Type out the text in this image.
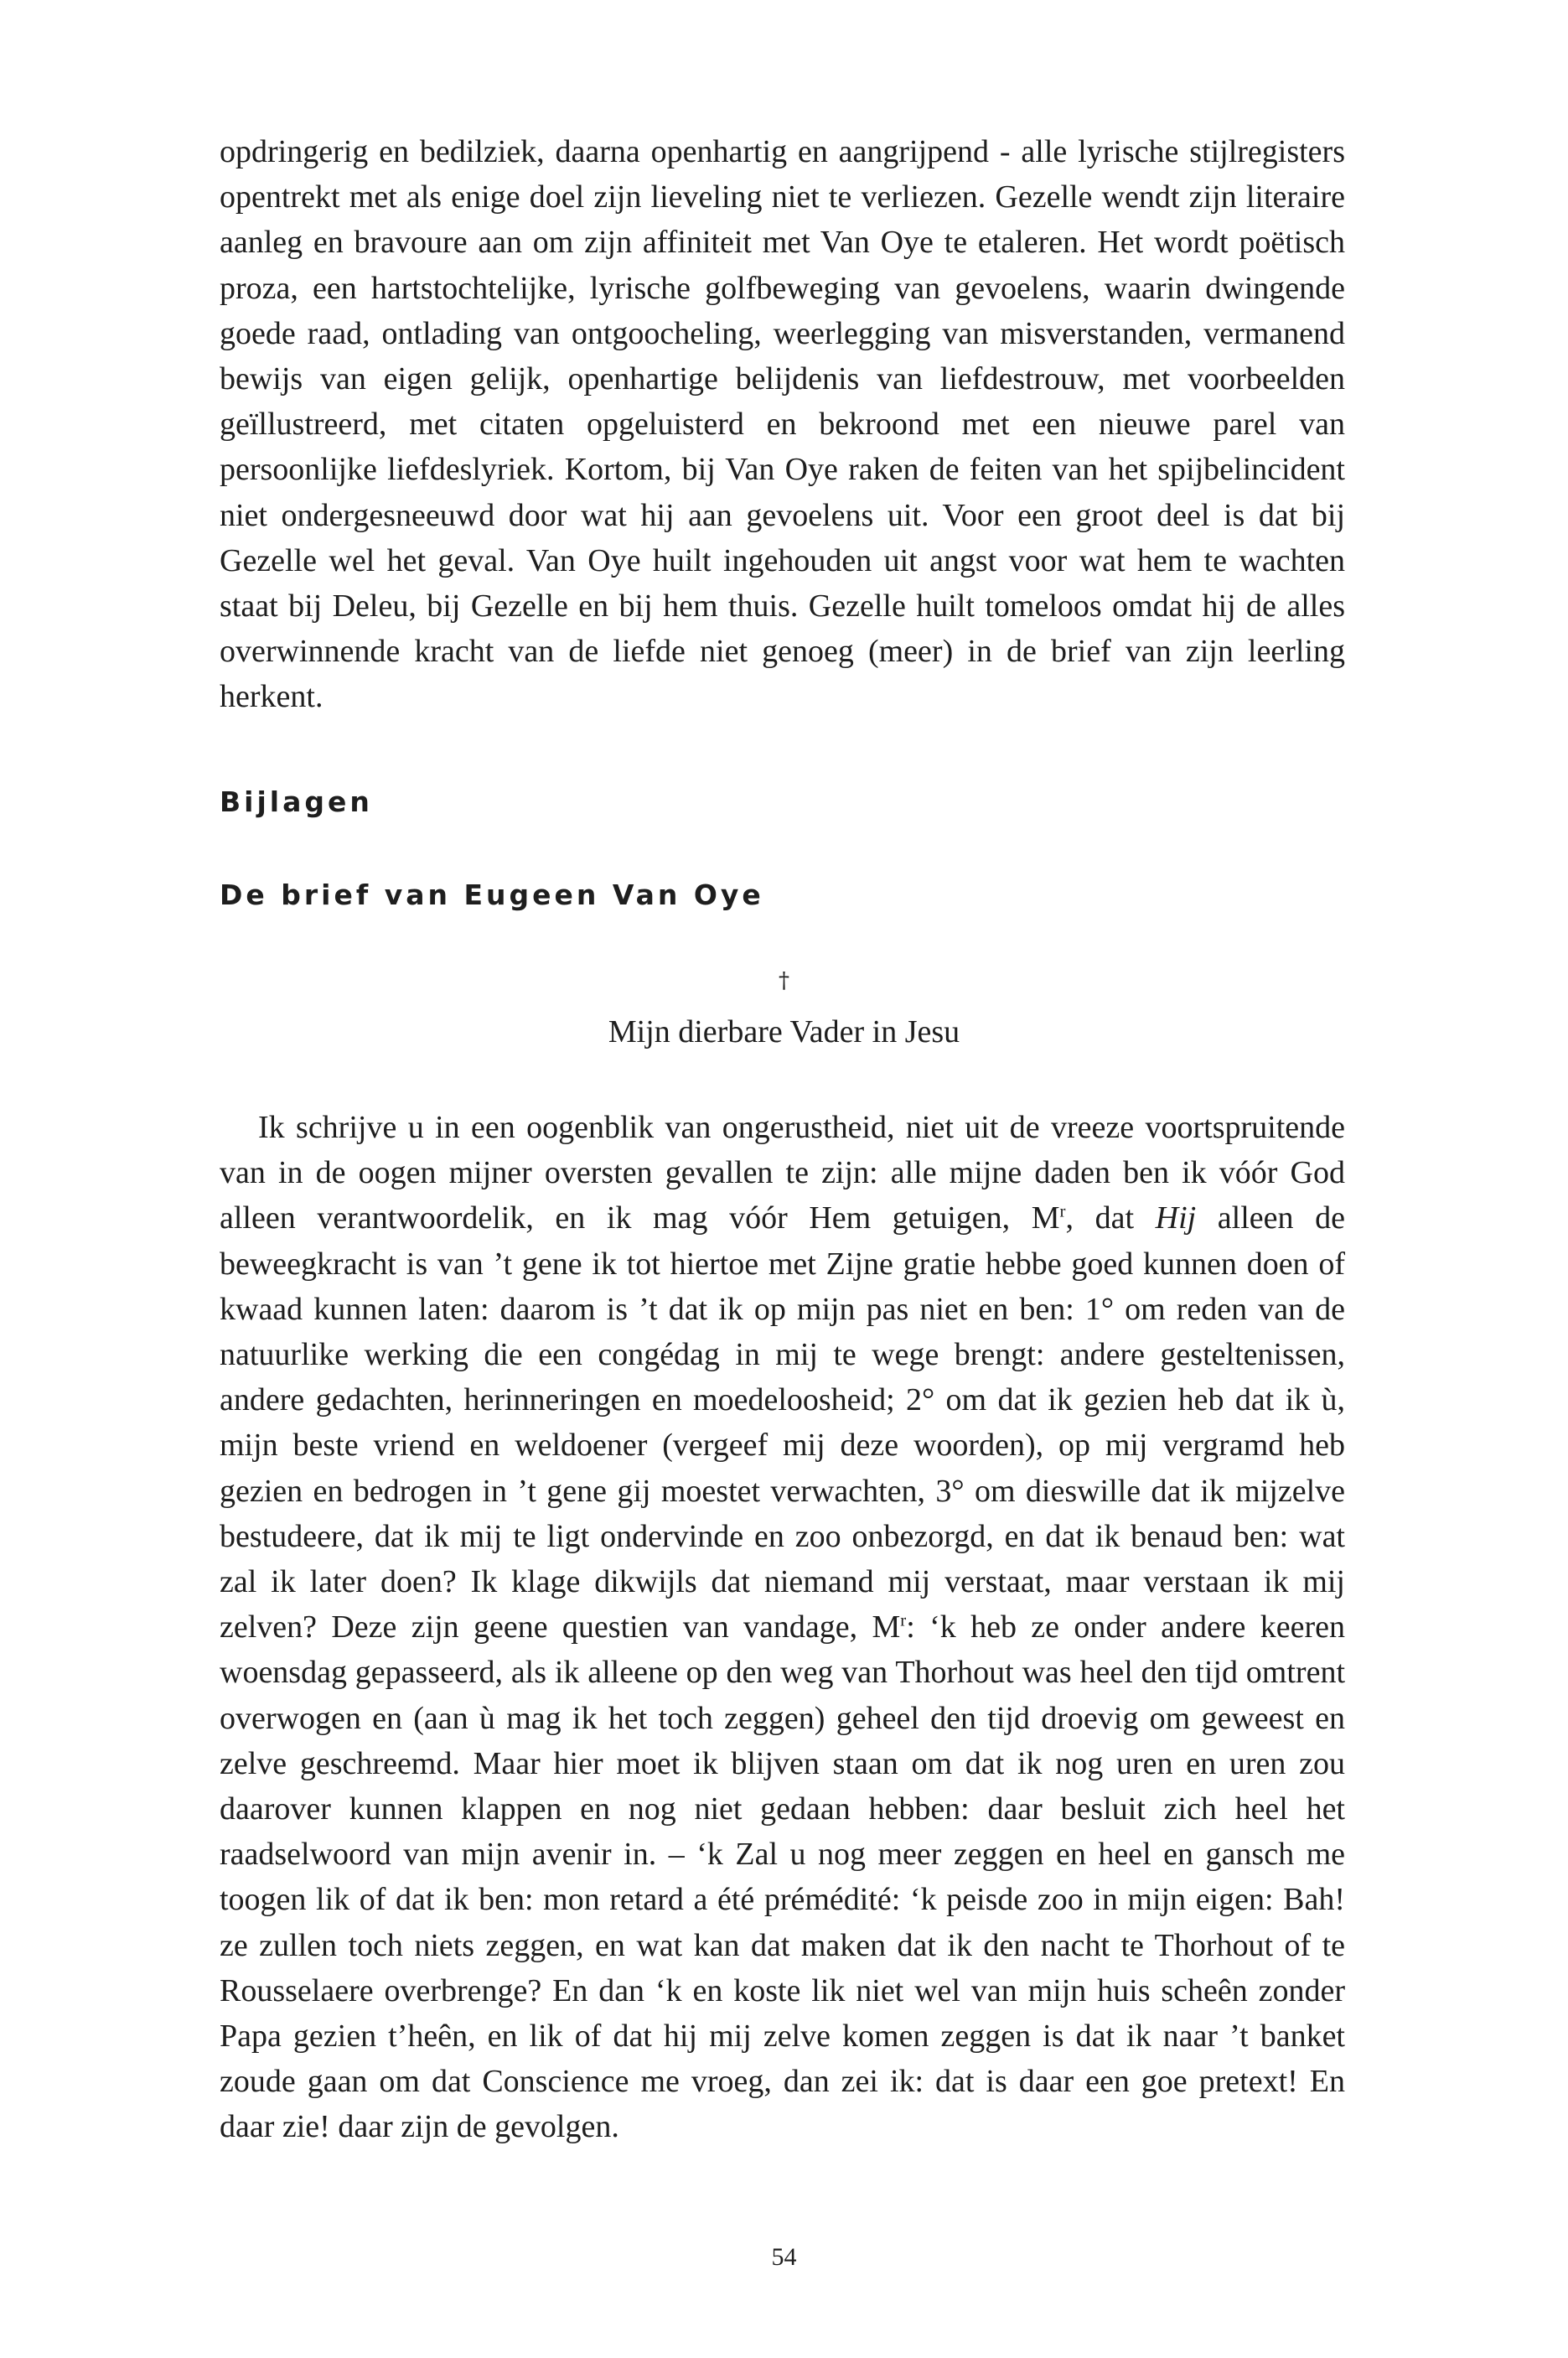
opdringerig en bedilziek, daarna openhartig en aangrijpend - alle lyrische stijlregisters opentrekt met als enige doel zijn lieveling niet te verliezen. Gezelle wendt zijn literaire aanleg en bravoure aan om zijn affiniteit met Van Oye te etaleren. Het wordt poëtisch proza, een hartstochtelijke, lyrische golfbeweging van gevoelens, waarin dwingende goede raad, ontlading van ontgoocheling, weerlegging van misverstanden, vermanend bewijs van eigen gelijk, openhartige belijdenis van liefdestrouw, met voorbeelden geïllustreerd, met citaten opgeluisterd en bekroond met een nieuwe parel van persoonlijke liefdeslyriek. Kortom, bij Van Oye raken de feiten van het spijbelincident niet ondergesneeuwd door wat hij aan gevoelens uit. Voor een groot deel is dat bij Gezelle wel het geval. Van Oye huilt ingehouden uit angst voor wat hem te wachten staat bij Deleu, bij Gezelle en bij hem thuis. Gezelle huilt tomeloos omdat hij de alles overwinnende kracht van de liefde niet genoeg (meer) in de brief van zijn leerling herkent.

Bijlagen
De brief van Eugeen Van Oye
†
Mijn dierbare Vader in Jesu

Ik schrijve u in een oogenblik van ongerustheid, niet uit de vreeze voortspruitende van in de oogen mijner oversten gevallen te zijn: alle mijne daden ben ik vóór God alleen verantwoordelik, en ik mag vóór Hem getuigen, $M^r$, dat Hij alleen de beweegkracht is van ’t gene ik tot hiertoe met Zijne gratie hebbe goed kunnen doen of kwaad kunnen laten: daarom is ’t dat ik op mijn pas niet en ben: 1° om reden van de natuurlike werking die een congédag in mij te wege brengt: andere gesteltenissen, andere gedachten, herinneringen en moedeloosheid; 2° om dat ik gezien heb dat ik ù, mijn beste vriend en weldoener (vergeef mij deze woorden), op mij vergramd heb gezien en bedrogen in ’t gene gij moestet verwachten, 3° om dieswille dat ik mijzelve bestudeere, dat ik mij te ligt ondervinde en zoo onbezorgd, en dat ik benaud ben: wat zal ik later doen? Ik klage dikwijls dat niemand mij verstaat, maar verstaan ik mij zelven? Deze zijn geene questien van vandage, $M^r$: ‘k heb ze onder andere keeren woensdag gepasseerd, als ik alleene op den weg van Thorhout was heel den tijd omtrent overwogen en (aan ù mag ik het toch zeggen) geheel den tijd droevig om geweest en zelve geschreemd. Maar hier moet ik blijven staan om dat ik nog uren en uren zou daarover kunnen klappen en nog niet gedaan hebben: daar besluit zich heel het raadselwoord van mijn avenir in. – ‘k Zal u nog meer zeggen en heel en gansch me toogen lik of dat ik ben: mon retard a été prémédité: ‘k peisde zoo in mijn eigen: Bah! ze zullen toch niets zeggen, en wat kan dat maken dat ik den nacht te Thorhout of te Rousselaere overbrenge? En dan ‘k en koste lik niet wel van mijn huis scheên zonder Papa gezien t’heên, en lik of dat hij mij zelve komen zeggen is dat ik naar ’t banket zoude gaan om dat Conscience me vroeg, dan zei ik: dat is daar een goe pretext! En daar zie! daar zijn de gevolgen.

54
